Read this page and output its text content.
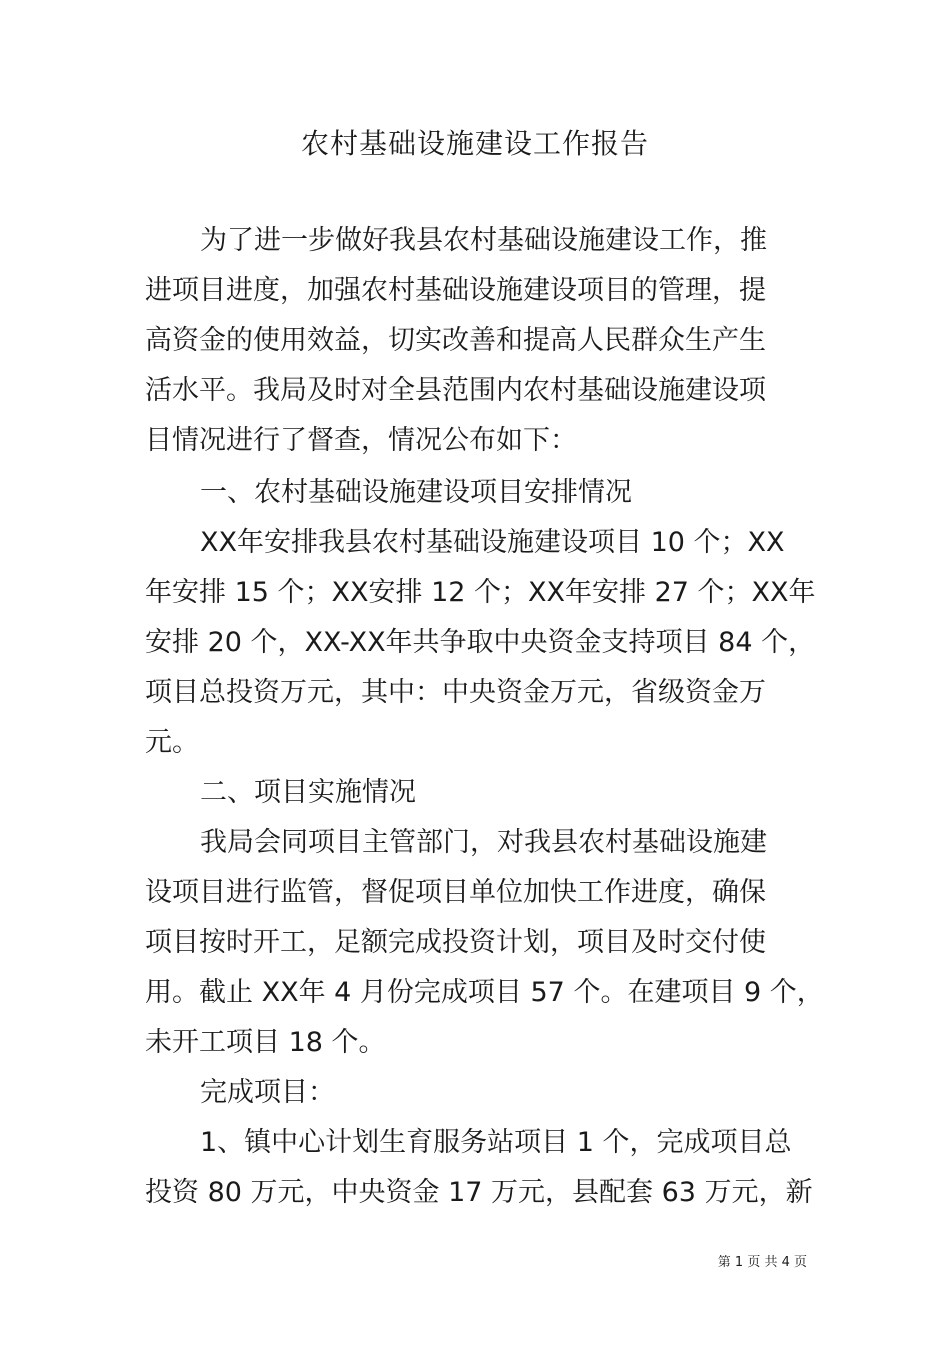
农村基础设施建设工作报告
为了进一步做好我县农村基础设施建设工作，推
进项目进度，加强农村基础设施建设项目的管理，提
高资金的使用效益，切实改善和提高人民群众生产生
活水平。我局及时对全县范围内农村基础设施建设项
目情况进行了督查，情况公布如下：
一、农村基础设施建设项目安排情况
XX年安排我县农村基础设施建设项目 10 个；XX
年安排 15 个；XX安排 12 个；XX年安排 27 个；XX年
安排 20 个，XX-XX年共争取中央资金支持项目 84 个，
项目总投资万元，其中：中央资金万元，省级资金万
元。
二、项目实施情况
我局会同项目主管部门，对我县农村基础设施建
设项目进行监管，督促项目单位加快工作进度，确保
项目按时开工，足额完成投资计划，项目及时交付使
用。截止 XX年 4 月份完成项目 57 个。在建项目 9 个，
未开工项目 18 个。
完成项目：
1、镇中心计划生育服务站项目 1 个，完成项目总
投资 80 万元，中央资金 17 万元，县配套 63 万元，新
第 1 页 共 4 页
